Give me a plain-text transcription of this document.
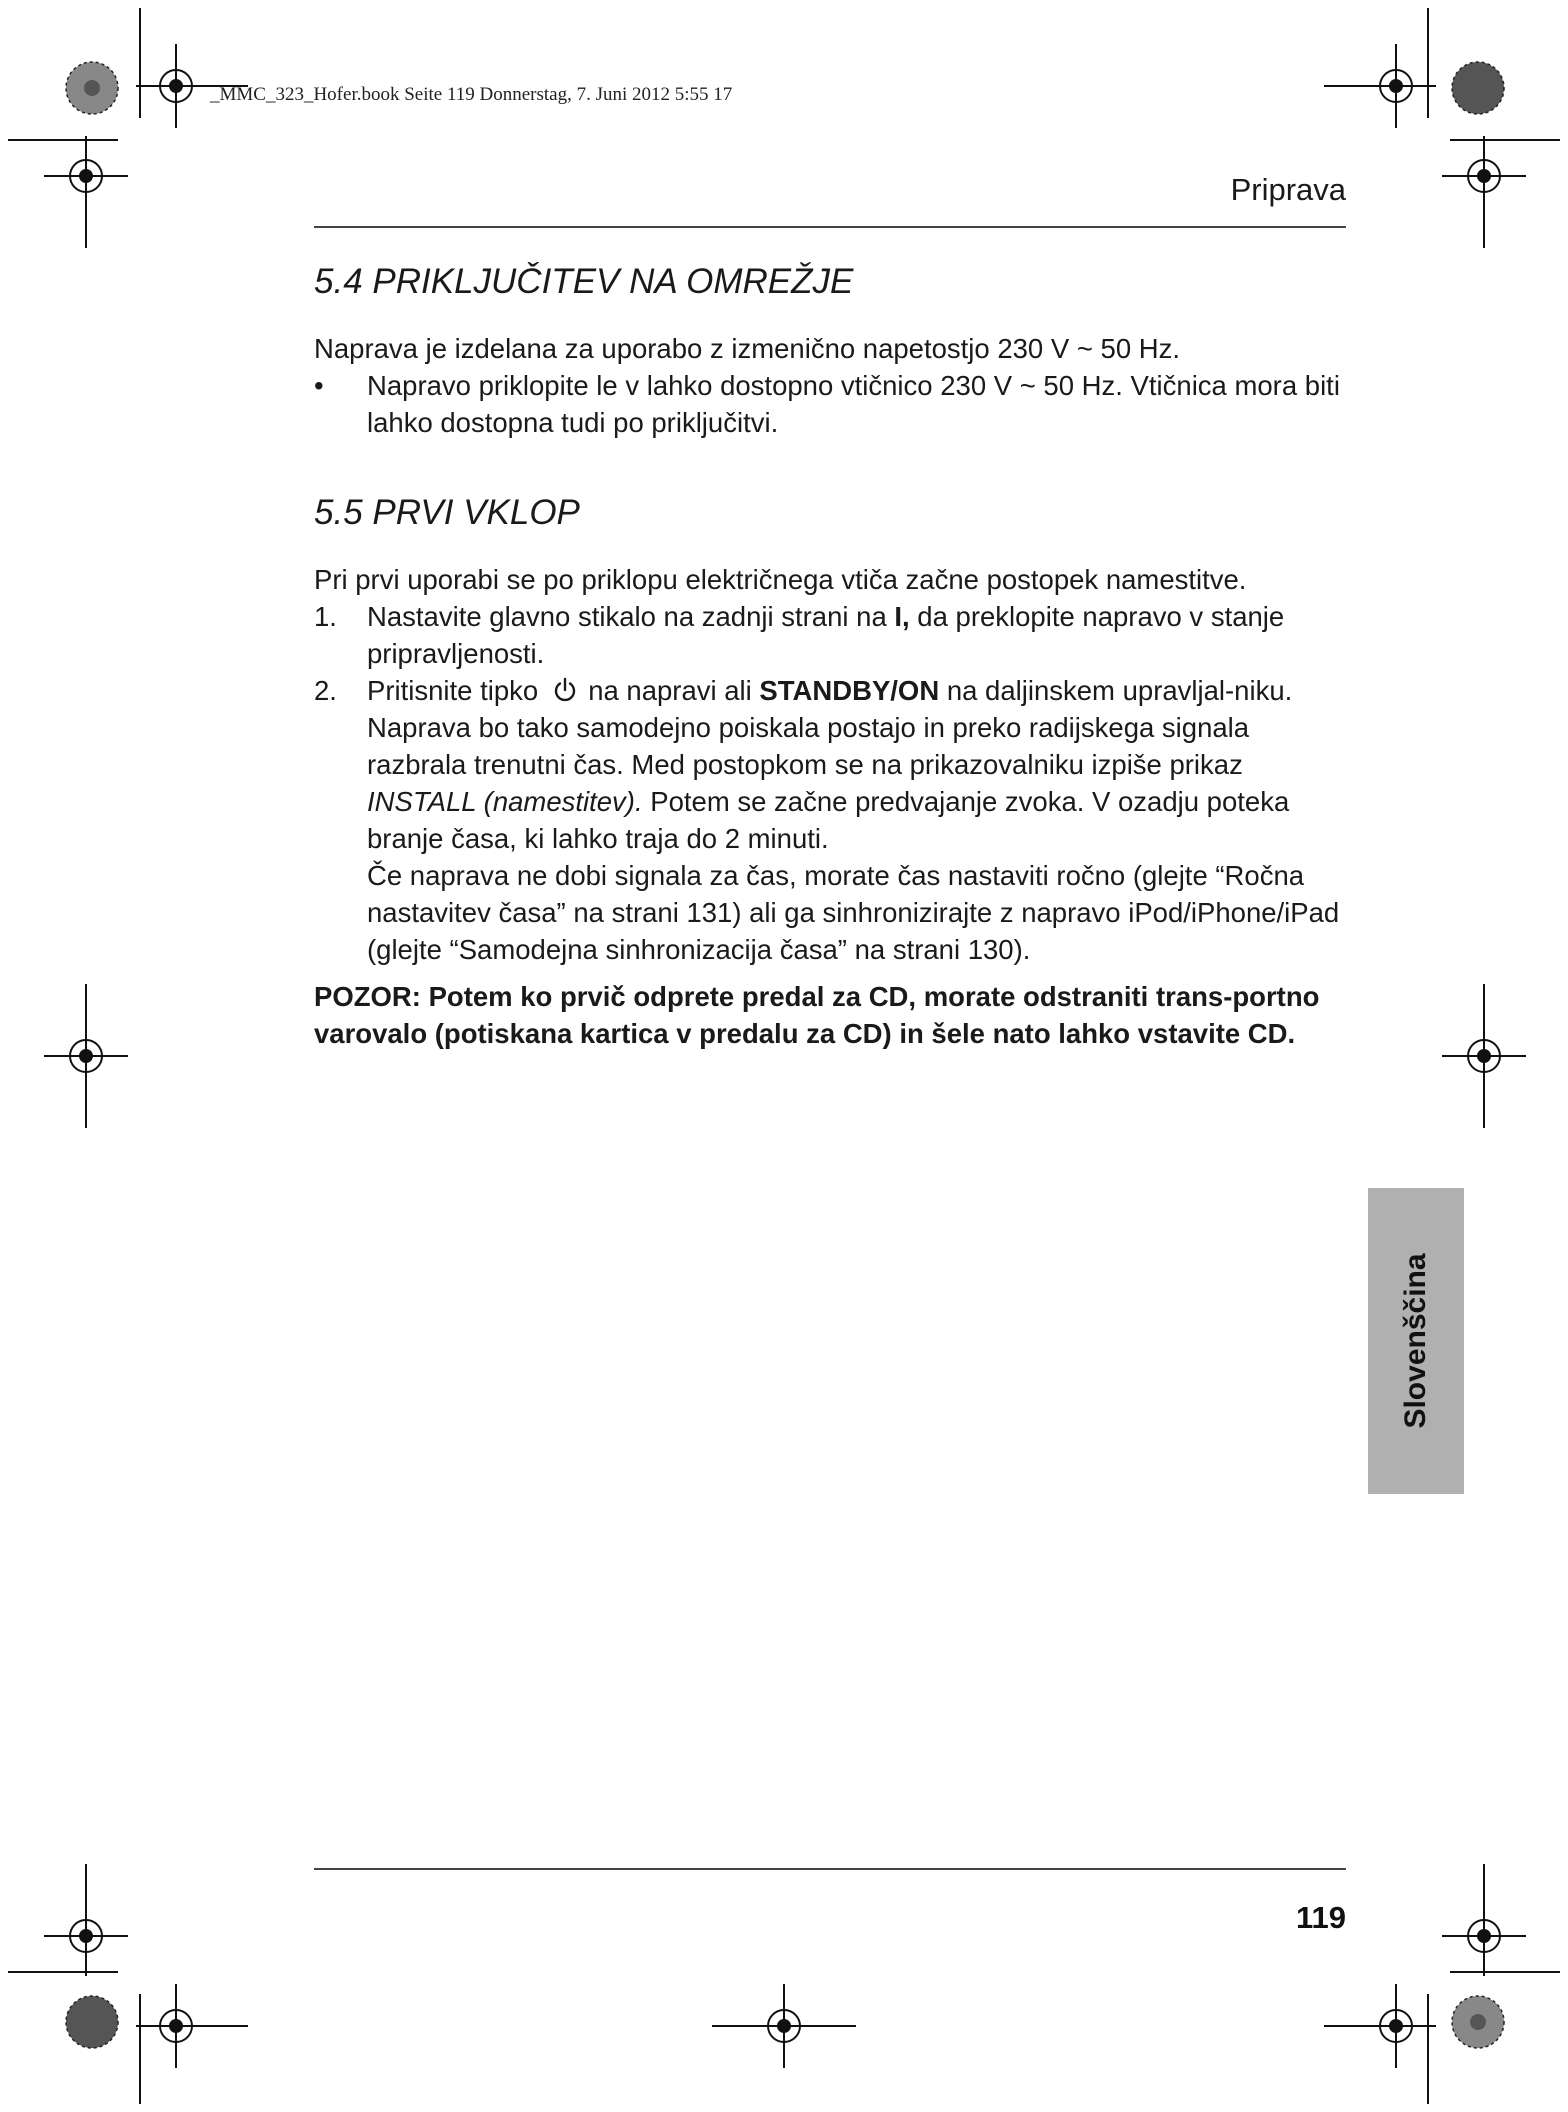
_MMC_323_Hofer.book Seite 119 Donnerstag, 7. Juni 2012 5:55 17
Priprava
5.4 PRIKLJUČITEV NA OMREŽJE

Naprava je izdelana za uporabo z izmenično napetostjo 230 V ~ 50 Hz.

• Napravo priklopite le v lahko dostopno vtičnico 230 V ~ 50 Hz. Vtičnica mora biti lahko dostopna tudi po priključitvi.
5.5 PRVI VKLOP

Pri prvi uporabi se po priklopu električnega vtiča začne postopek namestitve.

1. Nastavite glavno stikalo na zadnji strani na I, da preklopite napravo v stanje pripravljenosti.
2. Pritisnite tipko na napravi ali STANDBY/ON na daljinskem upravljal-niku. Naprava bo tako samodejno poiskala postajo in preko radijskega signala razbrala trenutni čas. Med postopkom se na prikazovalniku izpiše prikaz INSTALL (namestitev). Potem se začne predvajanje zvoka. V ozadju poteka branje časa, ki lahko traja do 2 minuti.
Če naprava ne dobi signala za čas, morate čas nastaviti ročno (glejte “Ročna nastavitev časa” na strani 131) ali ga sinhronizirajte z napravo iPod/iPhone/iPad (glejte “Samodejna sinhronizacija časa” na strani 130).

POZOR: Potem ko prvič odprete predal za CD, morate odstraniti trans-portno varovalo (potiskana kartica v predalu za CD) in šele nato lahko vstavite CD.

Slovenščina
119
